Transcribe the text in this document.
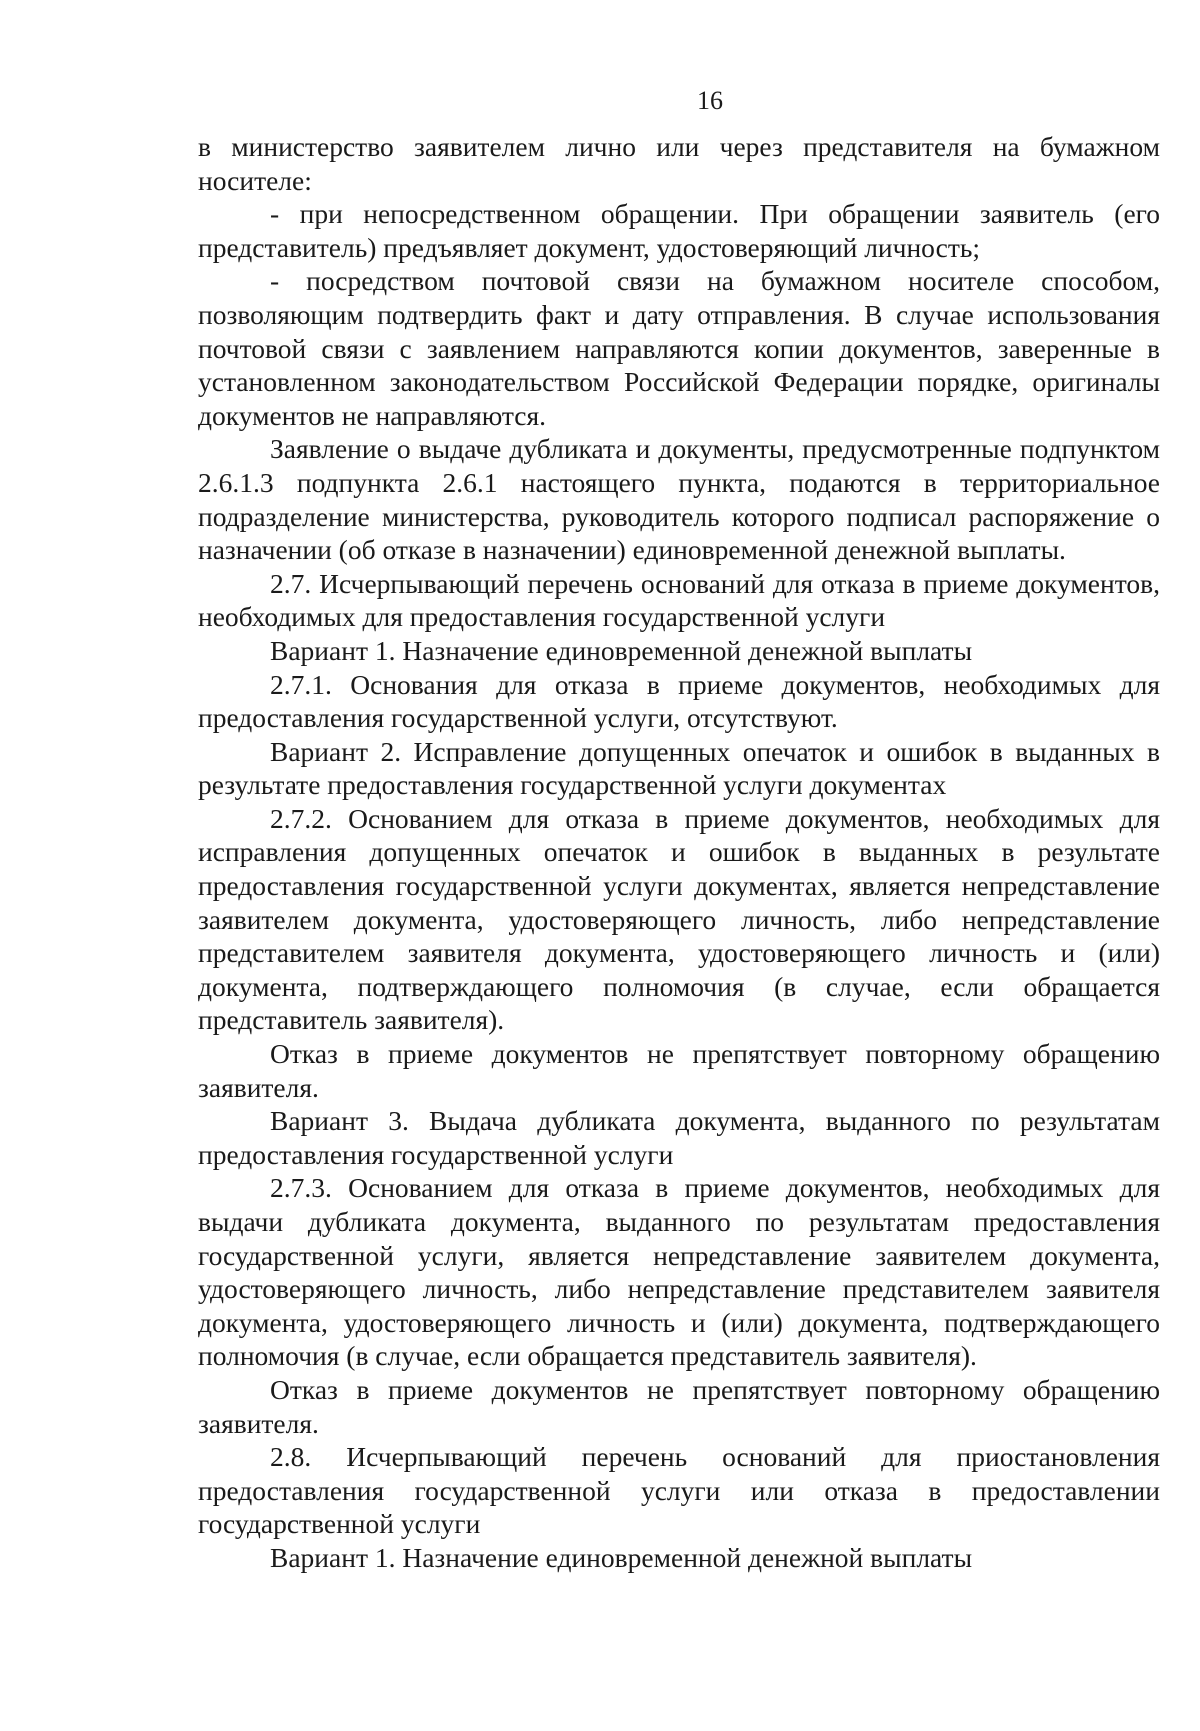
16

в министерство заявителем лично или через представителя на бумажном носителе:

- при непосредственном обращении. При обращении заявитель (его представитель) предъявляет документ, удостоверяющий личность;

- посредством почтовой связи на бумажном носителе способом, позволяющим подтвердить факт и дату отправления. В случае использования почтовой связи с заявлением направляются копии документов, заверенные в установленном законодательством Российской Федерации порядке, оригиналы документов не направляются.

Заявление о выдаче дубликата и документы, предусмотренные подпунктом 2.6.1.3 подпункта 2.6.1 настоящего пункта, подаются в территориальное подразделение министерства, руководитель которого подписал распоряжение о назначении (об отказе в назначении) единовременной денежной выплаты.

2.7. Исчерпывающий перечень оснований для отказа в приеме документов, необходимых для предоставления государственной услуги

Вариант 1. Назначение единовременной денежной выплаты

2.7.1. Основания для отказа в приеме документов, необходимых для предоставления государственной услуги, отсутствуют.

Вариант 2. Исправление допущенных опечаток и ошибок в выданных в результате предоставления государственной услуги документах

2.7.2. Основанием для отказа в приеме документов, необходимых для исправления допущенных опечаток и ошибок в выданных в результате предоставления государственной услуги документах, является непредставление заявителем документа, удостоверяющего личность, либо непредставление представителем заявителя документа, удостоверяющего личность и (или) документа, подтверждающего полномочия (в случае, если обращается представитель заявителя).

Отказ в приеме документов не препятствует повторному обращению заявителя.

Вариант 3. Выдача дубликата документа, выданного по результатам предоставления государственной услуги

2.7.3. Основанием для отказа в приеме документов, необходимых для выдачи дубликата документа, выданного по результатам предоставления государственной услуги, является непредставление заявителем документа, удостоверяющего личность, либо непредставление представителем заявителя документа, удостоверяющего личность и (или) документа, подтверждающего полномочия (в случае, если обращается представитель заявителя).

Отказ в приеме документов не препятствует повторному обращению заявителя.

2.8. Исчерпывающий перечень оснований для приостановления предоставления государственной услуги или отказа в предоставлении государственной услуги

Вариант 1. Назначение единовременной денежной выплаты
